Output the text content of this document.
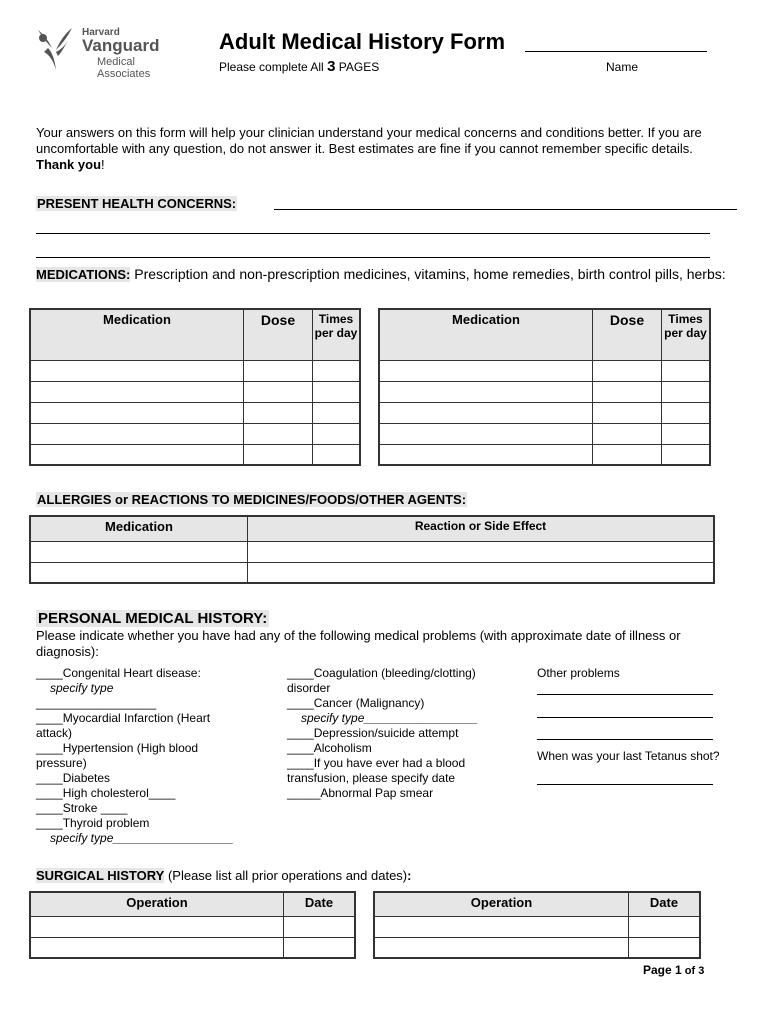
Harvard
Vanguard
Medical Associates
Adult Medical History Form
Please complete All 3 PAGES	Name
Your answers on this form will help your clinician understand your medical concerns and conditions better. If you are uncomfortable with any question, do not answer it. Best estimates are fine if you cannot remember specific details.
Thank you!
PRESENT HEALTH CONCERNS:
MEDICATIONS: Prescription and non-prescription medicines, vitamins, home remedies, birth control pills, herbs:
Medication	Dose	Times per day

Medication	Dose	Times per day

ALLERGIES or REACTIONS TO MEDICINES/FOODS/OTHER AGENTS:
Medication	Reaction or Side Effect

PERSONAL MEDICAL HISTORY:
Please indicate whether you have had any of the following medical problems (with approximate date of illness or diagnosis):
____Congenital Heart disease:
specify type
__________________
____Myocardial Infarction (Heart
attack)
____Hypertension (High blood
pressure)
____Diabetes
____High cholesterol____
____Stroke ____
____Thyroid problem
specify type__________________
____Coagulation (bleeding/clotting)
disorder
____Cancer (Malignancy)
specify type_________________
____Depression/suicide attempt
____Alcoholism
____If you have ever had a blood
transfusion, please specify date
_____Abnormal Pap smear
Other problems
When was your last Tetanus shot?
SURGICAL HISTORY (Please list all prior operations and dates):
Operation	Date

		Operation	Date

Page 1 of 3
